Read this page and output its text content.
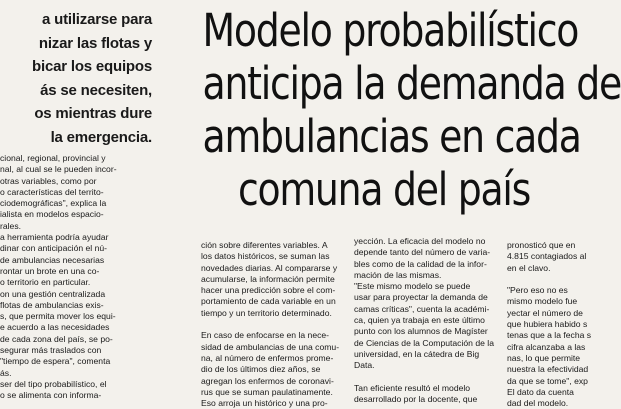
a utilizarse para

nizar las flotas y

bicar los equipos

ás se necesiten,

os mientras dure

la emergencia.

Modelo probabilístico

anticipa la demanda de

ambulancias en cada

comuna del país

cional, regional, provincial y

nal, al cual se le pueden incor-

otras variables, como por

o características del territo-

ciodemográficas", explica la

ialista en modelos espacio-

rales.

a herramienta podría ayudar

dinar con anticipación el nú-

de ambulancias necesarias

rontar un brote en una co-

o territorio en particular.

on una gestión centralizada

flotas de ambulancias exis-

s, que permita mover los equi-

e acuerdo a las necesidades

de cada zona del país, se po-

segurar más traslados con

"tiempo de espera", comenta

ás.

ser del tipo probabilístico, el

o se alimenta con informa-

ción sobre diferentes variables. A

los datos históricos, se suman las

novedades diarias. Al compararse y

acumularse, la información permite

hacer una predicción sobre el com-

portamiento de cada variable en un

tiempo y un territorio determinado.

En caso de enfocarse en la nece-

sidad de ambulancias de una comu-

na, al número de enfermos prome-

dio de los últimos diez años, se

agregan los enfermos de coronavi-

rus que se suman paulatinamente.

Eso arroja un histórico y una pro-

yección. La eficacia del modelo no

depende tanto del número de varia-

bles como de la calidad de la infor-

mación de las mismas.

"Este mismo modelo se puede

usar para proyectar la demanda de

camas críticas", cuenta la académi-

ca, quien ya trabaja en este último

punto con los alumnos de Magíster

de Ciencias de la Computación de la

universidad, en la cátedra de Big

Data.

Tan eficiente resultó el modelo

desarrollado por la docente, que

pronosticó que en

4.815 contagiados al

en el clavo.

"Pero eso no es

mismo modelo fue

yectar el número de

que hubiera habido s

tenas que a la fecha s

cifra alcanzaba a las

nas, lo que permite

nuestra la efectividad

da que se tome", exp

El dato da cuenta

dad del modelo.
